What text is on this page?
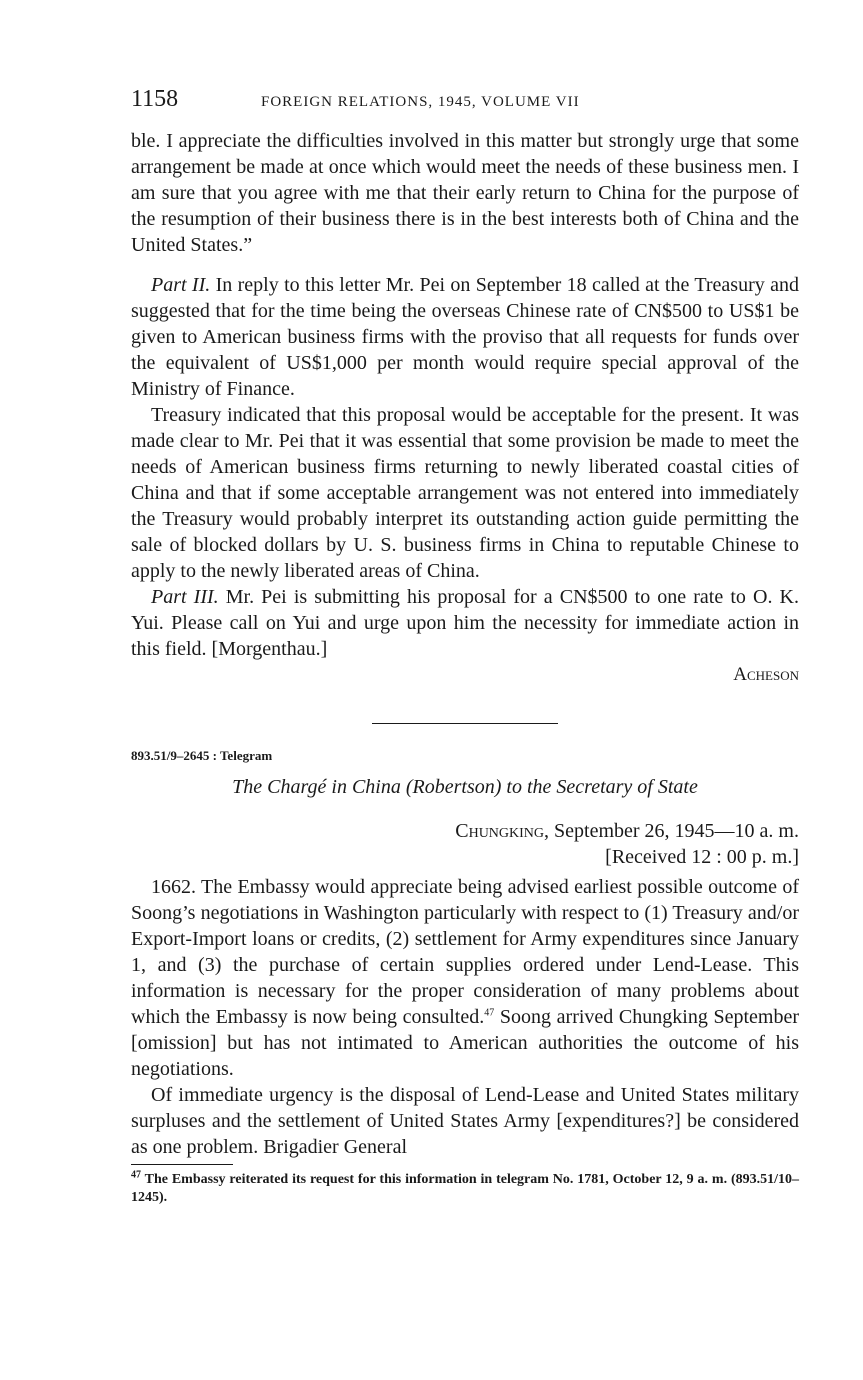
1158	FOREIGN RELATIONS, 1945, VOLUME VII

ble. I appreciate the difficulties involved in this matter but strongly urge that some arrangement be made at once which would meet the needs of these business men. I am sure that you agree with me that their early return to China for the purpose of the resumption of their business there is in the best interests both of China and the United States.”

Part II. In reply to this letter Mr. Pei on September 18 called at the Treasury and suggested that for the time being the overseas Chinese rate of CN$500 to US$1 be given to American business firms with the proviso that all requests for funds over the equivalent of US$1,000 per month would require special approval of the Ministry of Finance.

Treasury indicated that this proposal would be acceptable for the present. It was made clear to Mr. Pei that it was essential that some provision be made to meet the needs of American business firms returning to newly liberated coastal cities of China and that if some acceptable arrangement was not entered into immediately the Treasury would probably interpret its outstanding action guide permitting the sale of blocked dollars by U. S. business firms in China to reputable Chinese to apply to the newly liberated areas of China.

Part III. Mr. Pei is submitting his proposal for a CN$500 to one rate to O. K. Yui. Please call on Yui and urge upon him the necessity for immediate action in this field. [Morgenthau.]

Acheson
893.51/9–2645 : Telegram
The Chargé in China (Robertson) to the Secretary of State
Chungking, September 26, 1945—10 a. m.
[Received 12 : 00 p. m.]

1662. The Embassy would appreciate being advised earliest possible outcome of Soong’s negotiations in Washington particularly with respect to (1) Treasury and/or Export-Import loans or credits, (2) settlement for Army expenditures since January 1, and (3) the purchase of certain supplies ordered under Lend-Lease. This information is necessary for the proper consideration of many problems about which the Embassy is now being consulted.$^{47}$ Soong arrived Chungking September [omission] but has not intimated to American authorities the outcome of his negotiations.

Of immediate urgency is the disposal of Lend-Lease and United States military surpluses and the settlement of United States Army [expenditures?] be considered as one problem. Brigadier General

$^{47}$ The Embassy reiterated its request for this information in telegram No. 1781, October 12, 9 a. m. (893.51/10–1245).
